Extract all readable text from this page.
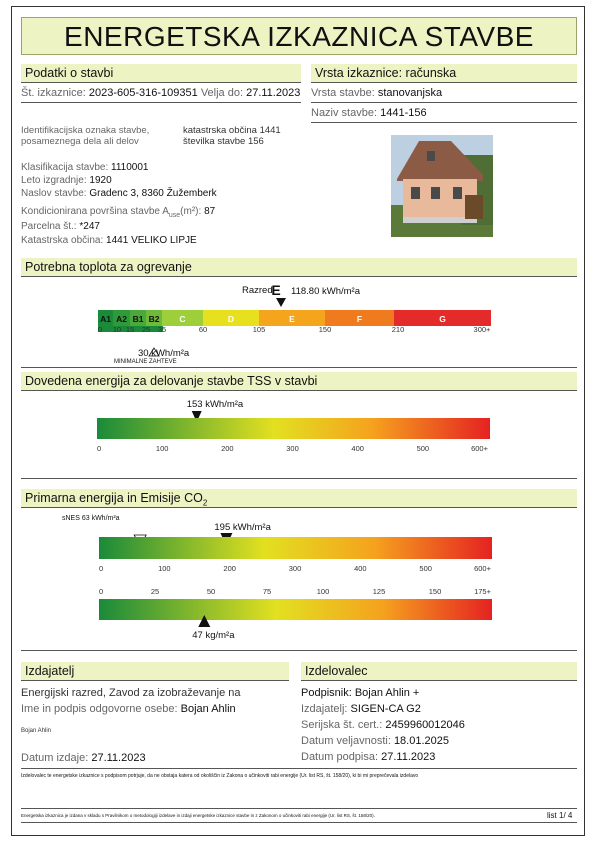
ENERGETSKA IZKAZNICA STAVBE
Podatki o stavbi
Št. izkaznice: 2023-605-316-109351 Velja do: 27.11.2023
Identifikacijska oznaka stavbe,
posameznega dela ali delov
katastrska občina 1441
številka stavbe 156
Klasifikacija stavbe: 1110001
Leto izgradnje: 1920
Naslov stavbe: Gradenc 3, 8360 Žužemberk
Kondicionirana površina stavbe $A_{use}(m^2)$: 87
Parcelna št.: *247
Katastrska občina: 1441 VELIKO LIPJE
Vrsta izkaznice: računska
Vrsta stavbe: stanovanjska
Naziv stavbe: 1441-156
Potrebna toplota za ogrevanje
Razred
E 118.80 kWh/m²a
A1 A2 B1 B2 C	D	E	F	G
0 10 15 25 35	60	105	150	210	300+
30 kWh/m²a
MINIMALNE ZAHTEVE
Dovedena energija za delovanje stavbe TSS v stavbi
153 kWh/m²a
0	100	200	300	400	500	600+
Primarna energija in Emisije $CO_2$
sNES 63 kWh/m²a
195 kWh/m²a
0	100	200	300	400	500	600+
0	25	50	75	100	125	150	175+
47 kg/m²a
Izdajatelj
Energijski razred, Zavod za izobraževanje na
Ime in podpis odgovorne osebe: Bojan Ahlin
Bojan Ahlin
Datum izdaje: 27.11.2023
Izdelovalec
Podpisnik: Bojan Ahlin +
Izdajatelj: SIGEN-CA G2
Serijska št. cert.: 2459960012046
Datum veljavnosti: 18.01.2025
Datum podpisa: 27.11.2023
Izdelovalec te energetske izkaznice s podpisom potrjuje, da ne obstaja katera od okoliščin iz Zakona o učinkoviti rabi energije (Ur. list RS, št. 158/20), ki bi mi preprečevala izdelavo
Energetska izkaznica je izdana v skladu s Pravilnikom o metodologiji izdelave in izdaji energetske izkaznice stavbe in z Zakonom o učinkoviti rabi energije (Ur. list RS, št. 158/20).	list 1/ 4
